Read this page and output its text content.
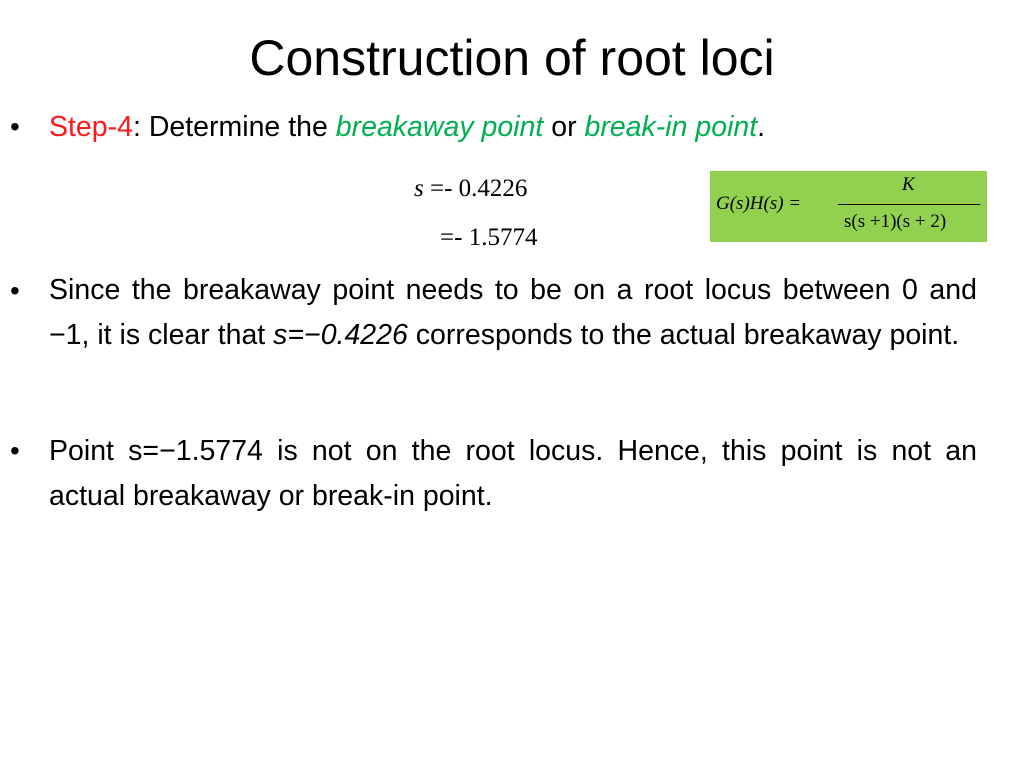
Construction of root loci
• Step-4: Determine the breakaway point or break-in point.
s =- 0.4226
=- 1.5774
G(s)H(s) =
K
s(s +1)(s + 2)
• Since the breakaway point needs to be on a root locus between 0 and −1, it is clear that s=−0.4226 corresponds to the actual breakaway point.
• Point s=−1.5774 is not on the root locus. Hence, this point is not an actual breakaway or break-in point.
